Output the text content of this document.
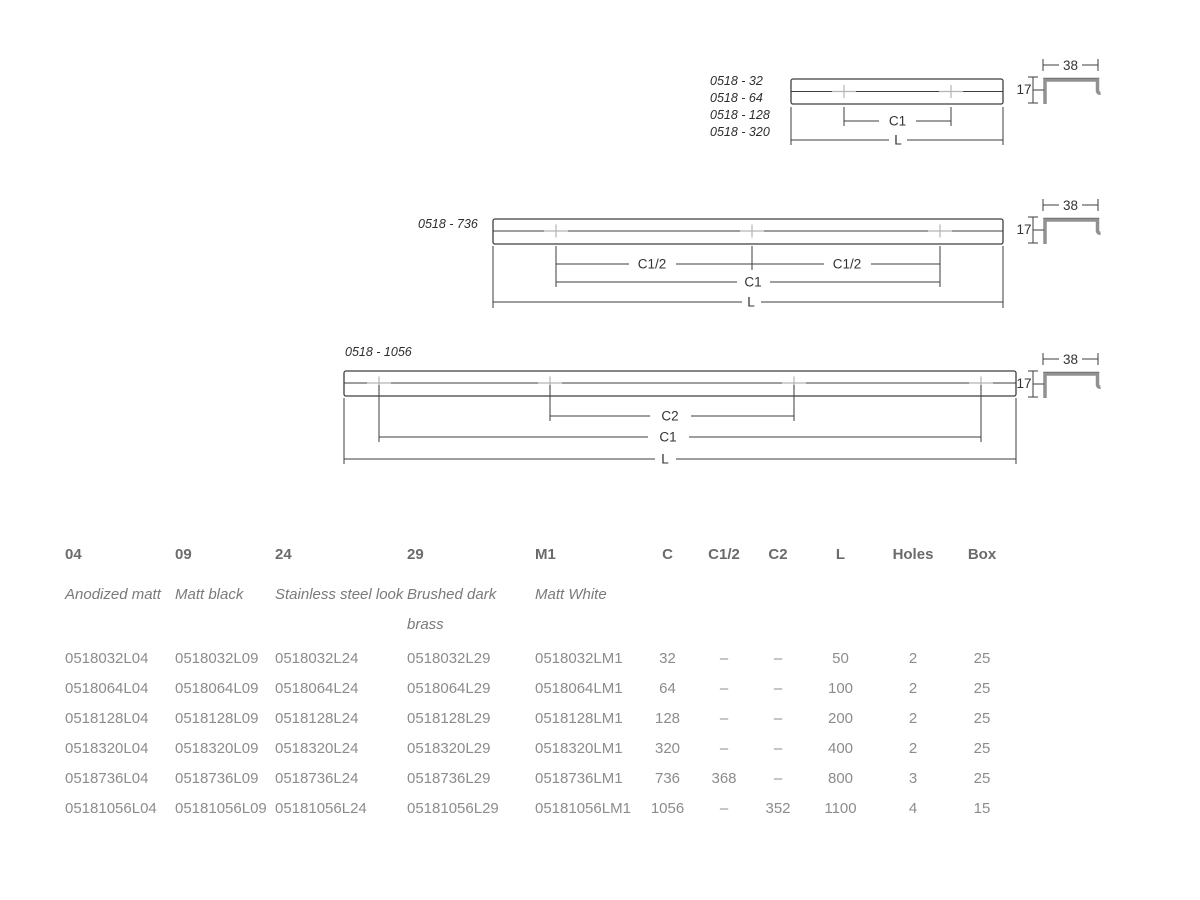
38
17
0518 - 32
0518 - 64
0518 - 128
0518 - 320
C1
L
0518 - 736
C1/2	C1/2
C1
L
0518 - 1056
C2
C1
L
04	09	24	29	M1	C	C1/2	C2	L	Holes	Box
Anodized matt	Matt black	Stainless steel look	Brushed dark brass	Matt White						
0518032L04	0518032L09	0518032L24	0518032L29	0518032LM1	32	–	–	50	2	25
0518064L04	0518064L09	0518064L24	0518064L29	0518064LM1	64	–	–	100	2	25
0518128L04	0518128L09	0518128L24	0518128L29	0518128LM1	128	–	–	200	2	25
0518320L04	0518320L09	0518320L24	0518320L29	0518320LM1	320	–	–	400	2	25
0518736L04	0518736L09	0518736L24	0518736L29	0518736LM1	736	368	–	800	3	25
05181056L04	05181056L09	05181056L24	05181056L29	05181056LM1	1056	–	352	1100	4	15
